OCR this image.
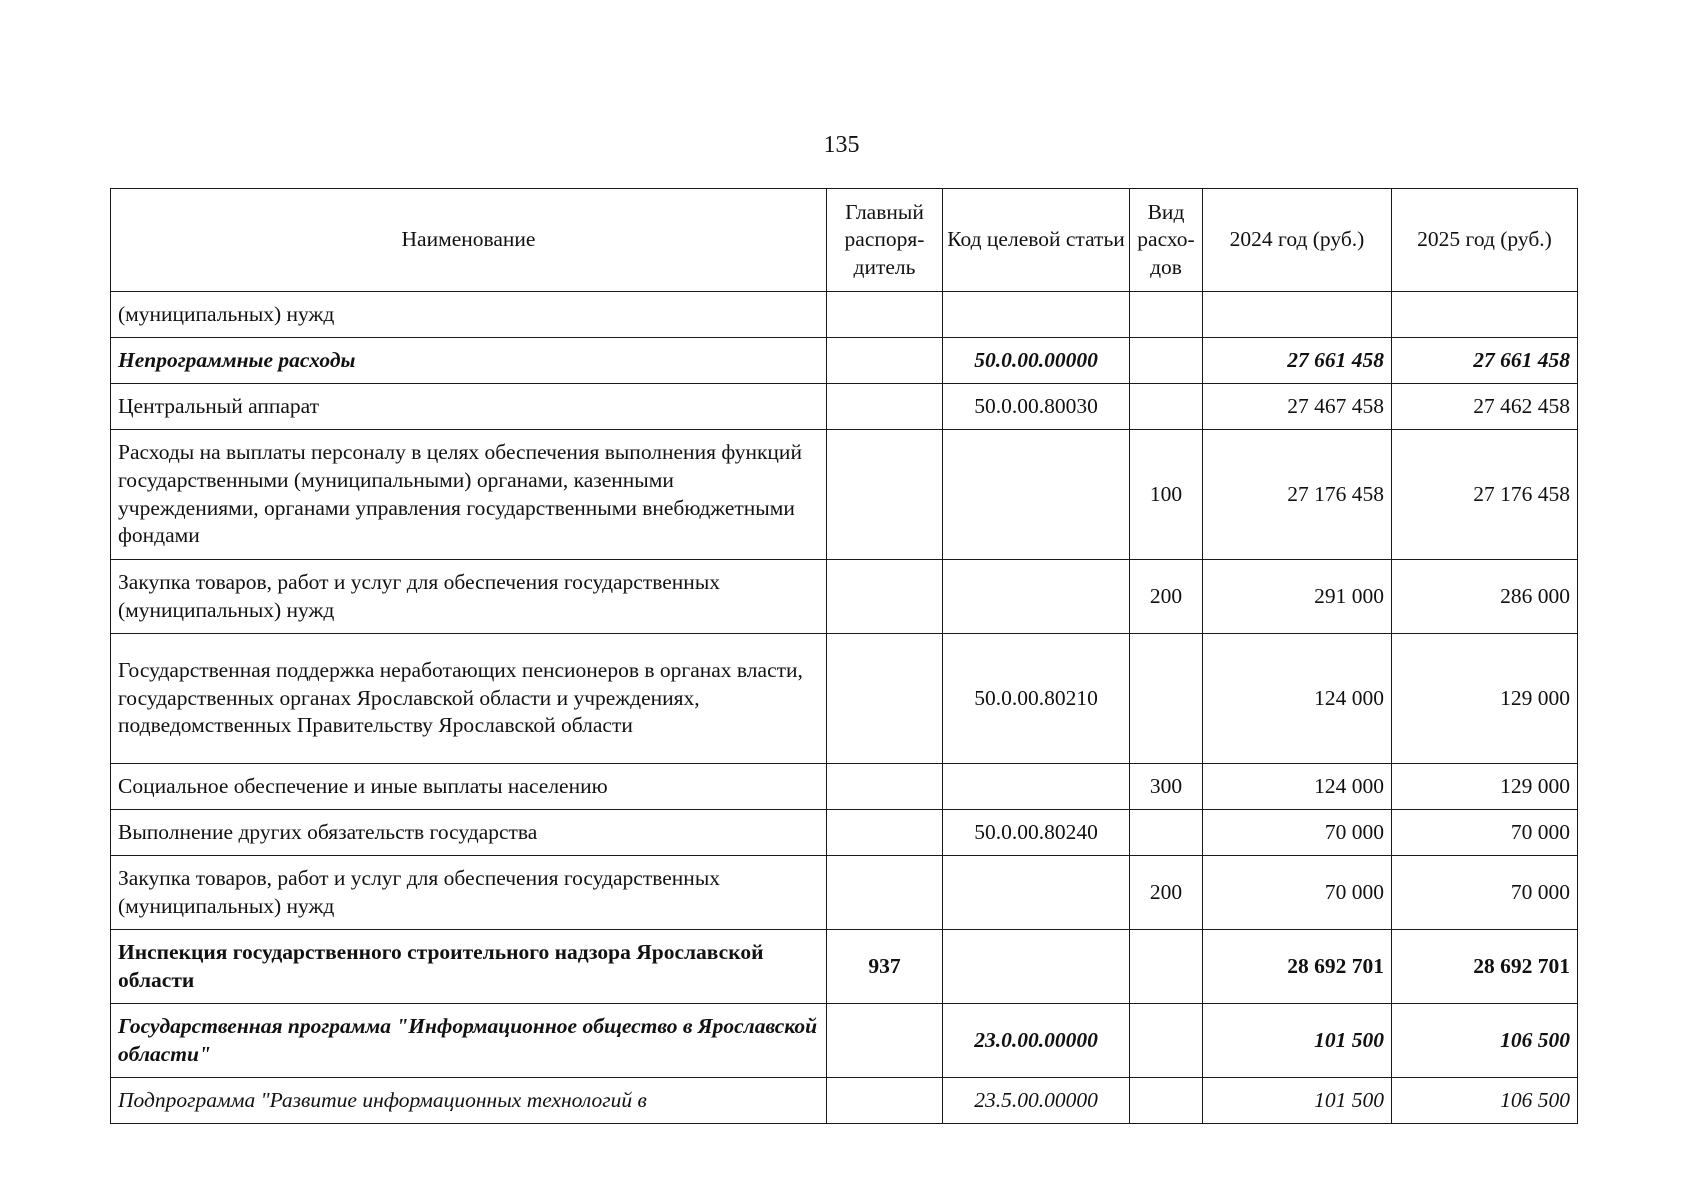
135
Наименование	Главный распоря-дитель	Код целевой статьи	Вид расхо-дов	2024 год (руб.)	2025 год (руб.)
(муниципальных) нужд					
Непрограммные расходы		50.0.00.00000		27 661 458	27 661 458
Центральный аппарат		50.0.00.80030		27 467 458	27 462 458
Расходы на выплаты персоналу в целях обеспечения выполнения функций государственными (муниципальными) органами, казенными учреждениями, органами управления государственными внебюджетными фондами			100	27 176 458	27 176 458
Закупка товаров, работ и услуг для обеспечения государственных (муниципальных) нужд			200	291 000	286 000
Государственная поддержка неработающих пенсионеров в органах власти, государственных органах Ярославской области и учреждениях, подведомственных Правительству Ярославской области		50.0.00.80210		124 000	129 000
Социальное обеспечение и иные выплаты населению			300	124 000	129 000
Выполнение других обязательств государства		50.0.00.80240		70 000	70 000
Закупка товаров, работ и услуг для обеспечения государственных (муниципальных) нужд			200	70 000	70 000
Инспекция государственного строительного надзора Ярославской области	937			28 692 701	28 692 701
Государственная программа "Информационное общество в Ярославской области"		23.0.00.00000		101 500	106 500
Подпрограмма "Развитие информационных технологий в		23.5.00.00000		101 500	106 500
